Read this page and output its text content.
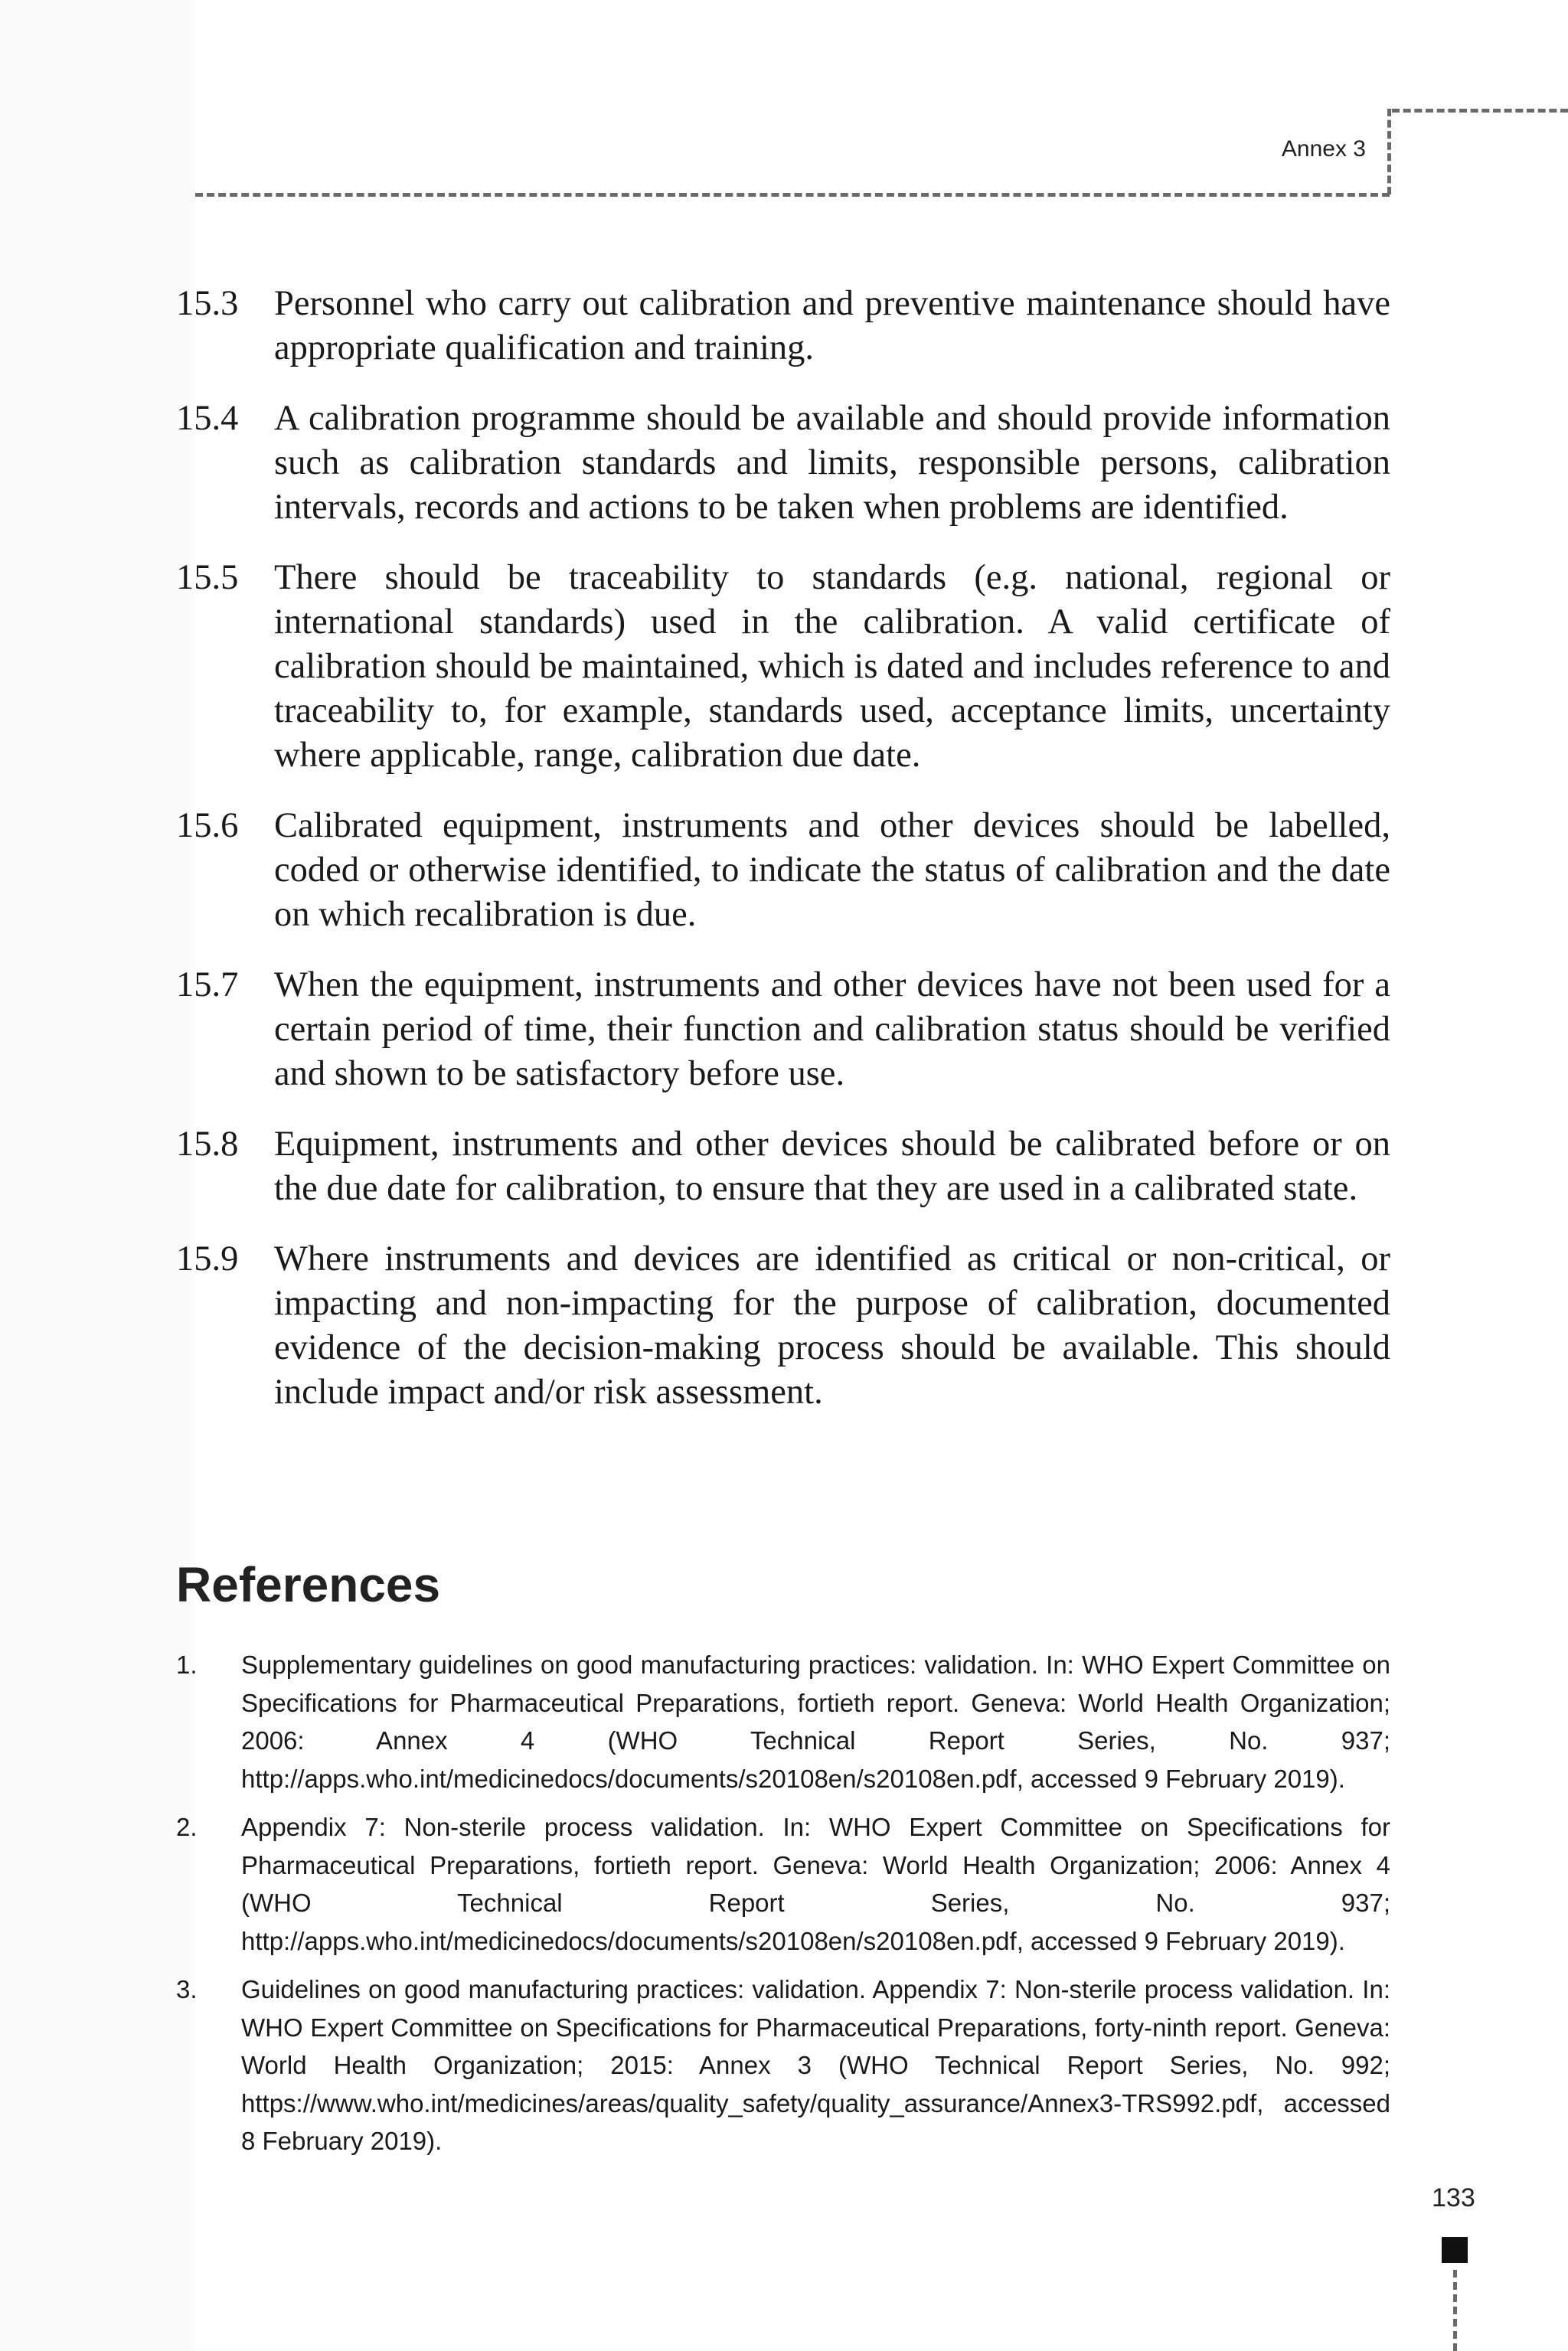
Annex 3
15.3	Personnel who carry out calibration and preventive maintenance should have appropriate qualification and training.
15.4	A calibration programme should be available and should provide information such as calibration standards and limits, responsible persons, calibration intervals, records and actions to be taken when problems are identified.
15.5	There should be traceability to standards (e.g. national, regional or international standards) used in the calibration. A valid certificate of calibration should be maintained, which is dated and includes reference to and traceability to, for example, standards used, acceptance limits, uncertainty where applicable, range, calibration due date.
15.6	Calibrated equipment, instruments and other devices should be labelled, coded or otherwise identified, to indicate the status of calibration and the date on which recalibration is due.
15.7	When the equipment, instruments and other devices have not been used for a certain period of time, their function and calibration status should be verified and shown to be satisfactory before use.
15.8	Equipment, instruments and other devices should be calibrated before or on the due date for calibration, to ensure that they are used in a calibrated state.
15.9	Where instruments and devices are identified as critical or non-critical, or impacting and non-impacting for the purpose of calibration, documented evidence of the decision-making process should be available. This should include impact and/or risk assessment.
References
1.	Supplementary guidelines on good manufacturing practices: validation. In: WHO Expert Committee on Specifications for Pharmaceutical Preparations, fortieth report. Geneva: World Health Organization; 2006: Annex 4 (WHO Technical Report Series, No. 937; http://apps.who.int/medicinedocs/documents/s20108en/s20108en.pdf, accessed 9 February 2019).
2.	Appendix 7: Non-sterile process validation. In: WHO Expert Committee on Specifications for Pharmaceutical Preparations, fortieth report. Geneva: World Health Organization; 2006: Annex 4 (WHO Technical Report Series, No. 937; http://apps.who.int/medicinedocs/documents/s20108en/s20108en.pdf, accessed 9 February 2019).
3.	Guidelines on good manufacturing practices: validation. Appendix 7: Non-sterile process validation. In: WHO Expert Committee on Specifications for Pharmaceutical Preparations, forty-ninth report. Geneva: World Health Organization; 2015: Annex 3 (WHO Technical Report Series, No. 992; https://www.who.int/medicines/areas/quality_safety/quality_assurance/Annex3-TRS992.pdf, accessed 8 February 2019).
133
